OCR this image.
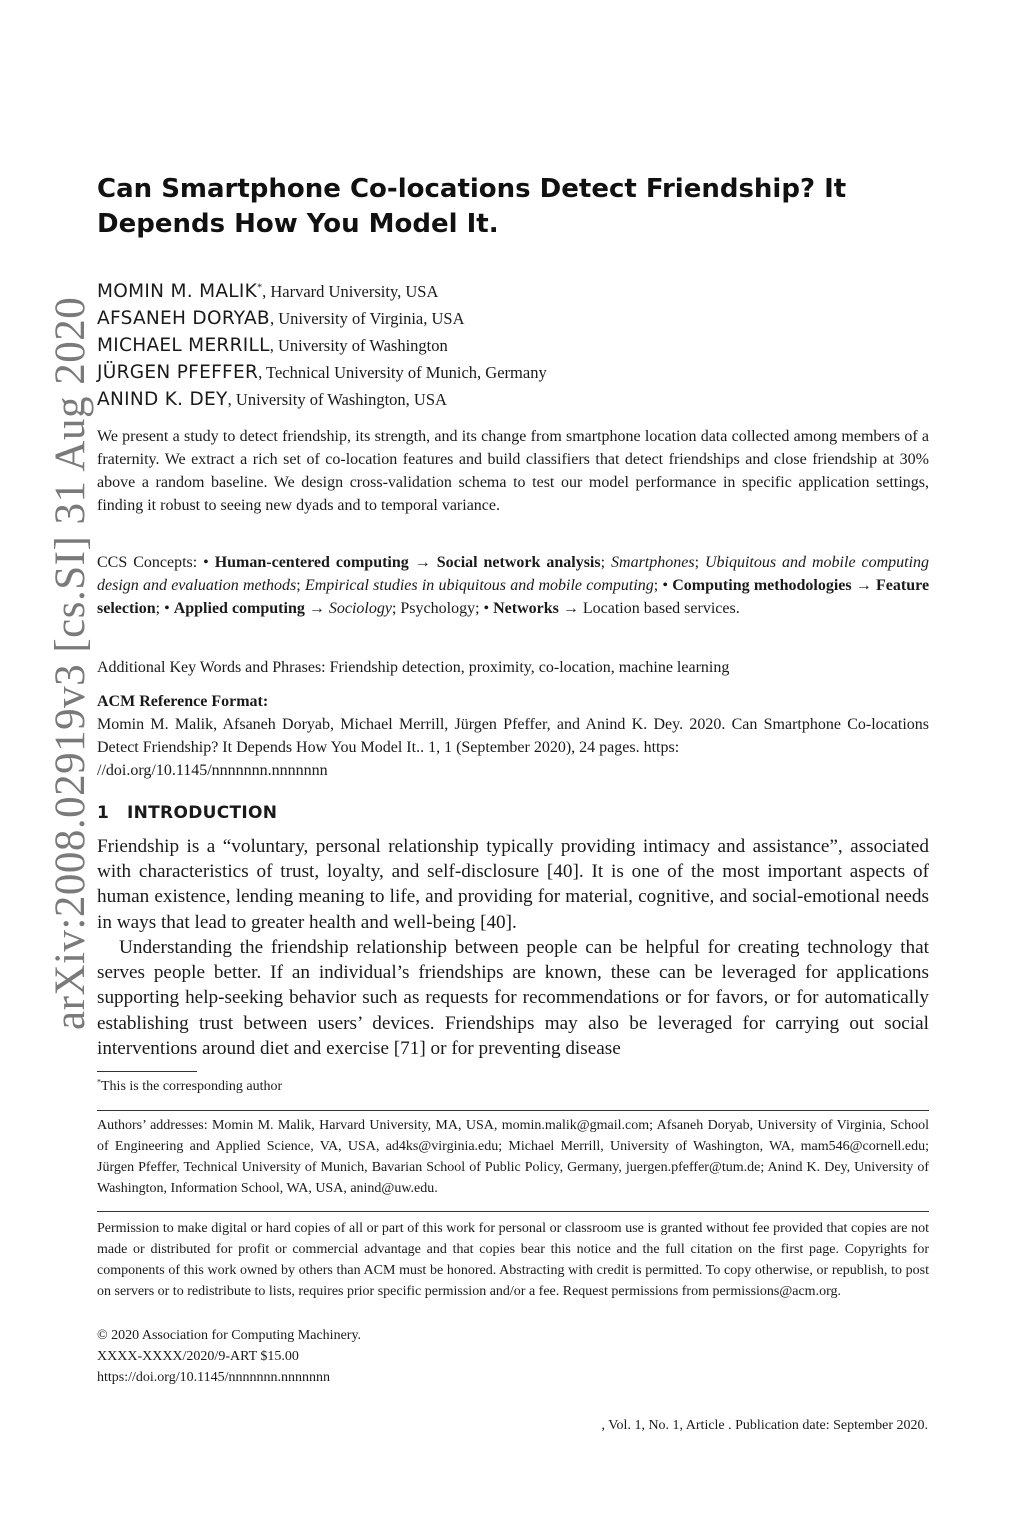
arXiv:2008.02919v3 [cs.SI] 31 Aug 2020
Can Smartphone Co-locations Detect Friendship? It
Depends How You Model It.
MOMIN M. MALIK*, Harvard University, USA
AFSANEH DORYAB, University of Virginia, USA
MICHAEL MERRILL, University of Washington
JÜRGEN PFEFFER, Technical University of Munich, Germany
ANIND K. DEY, University of Washington, USA
We present a study to detect friendship, its strength, and its change from smartphone location data collected among members of a fraternity. We extract a rich set of co-location features and build classifiers that detect friendships and close friendship at 30% above a random baseline. We design cross-validation schema to test our model performance in specific application settings, finding it robust to seeing new dyads and to temporal variance.
CCS Concepts: • Human-centered computing → Social network analysis; Smartphones; Ubiquitous and mobile computing design and evaluation methods; Empirical studies in ubiquitous and mobile computing; • Computing methodologies → Feature selection; • Applied computing → Sociology; Psychology; • Networks → Location based services.
Additional Key Words and Phrases: Friendship detection, proximity, co-location, machine learning
ACM Reference Format:
Momin M. Malik, Afsaneh Doryab, Michael Merrill, Jürgen Pfeffer, and Anind K. Dey. 2020. Can Smartphone Co-locations Detect Friendship? It Depends How You Model It.. 1, 1 (September 2020), 24 pages. https:
//doi.org/10.1145/nnnnnnn.nnnnnnn
1 INTRODUCTION
Friendship is a “voluntary, personal relationship typically providing intimacy and assistance”, associated with characteristics of trust, loyalty, and self-disclosure [40]. It is one of the most important aspects of human existence, lending meaning to life, and providing for material, cognitive, and social-emotional needs in ways that lead to greater health and well-being [40].
Understanding the friendship relationship between people can be helpful for creating technology that serves people better. If an individual’s friendships are known, these can be leveraged for applications supporting help-seeking behavior such as requests for recommendations or for favors, or for automatically establishing trust between users’ devices. Friendships may also be leveraged for carrying out social interventions around diet and exercise [71] or for preventing disease
*This is the corresponding author
Authors’ addresses: Momin M. Malik, Harvard University, MA, USA, momin.malik@gmail.com; Afsaneh Doryab, University of Virginia, School of Engineering and Applied Science, VA, USA, ad4ks@virginia.edu; Michael Merrill, University of Washington, WA, mam546@cornell.edu; Jürgen Pfeffer, Technical University of Munich, Bavarian School of Public Policy, Germany, juergen.pfeffer@tum.de; Anind K. Dey, University of Washington, Information School, WA, USA, anind@uw.edu.
Permission to make digital or hard copies of all or part of this work for personal or classroom use is granted without fee provided that copies are not made or distributed for profit or commercial advantage and that copies bear this notice and the full citation on the first page. Copyrights for components of this work owned by others than ACM must be honored. Abstracting with credit is permitted. To copy otherwise, or republish, to post on servers or to redistribute to lists, requires prior specific permission and/or a fee. Request permissions from permissions@acm.org.
© 2020 Association for Computing Machinery.
XXXX-XXXX/2020/9-ART $15.00
https://doi.org/10.1145/nnnnnnn.nnnnnnn
, Vol. 1, No. 1, Article . Publication date: September 2020.
